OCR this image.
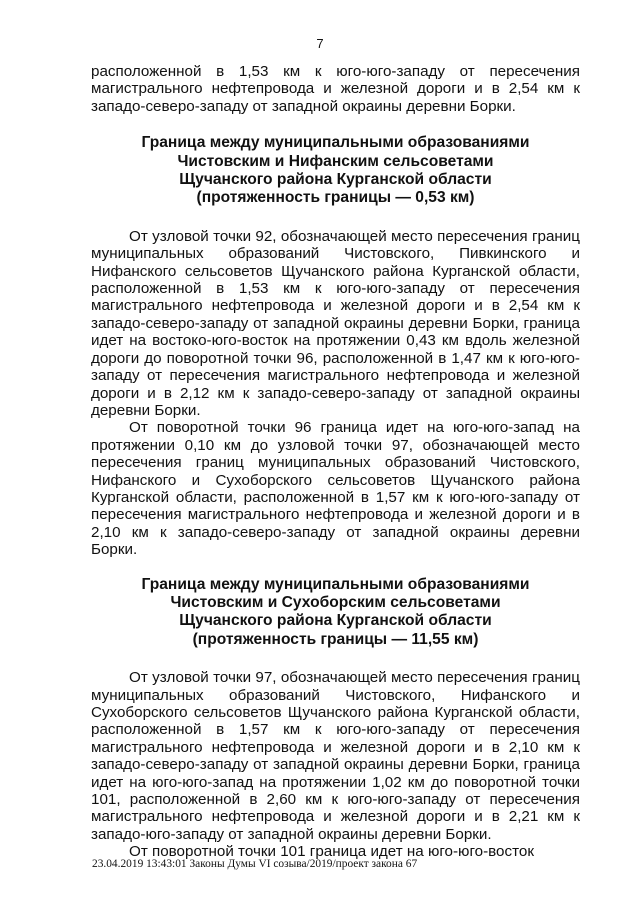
7

расположенной в 1,53 км к юго-юго-западу от пересечения магистрального нефтепровода и железной дороги и в 2,54 км к западо-северо-западу от западной окраины деревни Борки.

Граница между муниципальными образованиями
Чистовским и Нифанским сельсоветами
Щучанского района Курганской области
(протяженность границы — 0,53 км)

От узловой точки 92, обозначающей место пересечения границ муниципальных образований Чистовского, Пивкинского и Нифанского сельсоветов Щучанского района Курганской области, расположенной в 1,53 км к юго-юго-западу от пересечения магистрального нефтепровода и железной дороги и в 2,54 км к западо-северо-западу от западной окраины деревни Борки, граница идет на востоко-юго-восток на протяжении 0,43 км вдоль железной дороги до поворотной точки 96, расположенной в 1,47 км к юго-юго-западу от пересечения магистрального нефтепровода и железной дороги и в 2,12 км к западо-северо-западу от западной окраины деревни Борки.

От поворотной точки 96 граница идет на юго-юго-запад на протяжении 0,10 км до узловой точки 97, обозначающей место пересечения границ муниципальных образований Чистовского, Нифанского и Сухоборского сельсоветов Щучанского района Курганской области, расположенной в 1,57 км к юго-юго-западу от пересечения магистрального нефтепровода и железной дороги и в 2,10 км к западо-северо-западу от западной окраины деревни Борки.

Граница между муниципальными образованиями
Чистовским и Сухоборским сельсоветами
Щучанского района Курганской области
(протяженность границы — 11,55 км)

От узловой точки 97, обозначающей место пересечения границ муниципальных образований Чистовского, Нифанского и Сухоборского сельсоветов Щучанского района Курганской области, расположенной в 1,57 км к юго-юго-западу от пересечения магистрального нефтепровода и железной дороги и в 2,10 км к западо-северо-западу от западной окраины деревни Борки, граница идет на юго-юго-запад на протяжении 1,02 км до поворотной точки 101, расположенной в 2,60 км к юго-юго-западу от пересечения магистрального нефтепровода и железной дороги и в 2,21 км к западо-юго-западу от западной окраины деревни Борки.

От поворотной точки 101 граница идет на юго-юго-восток

23.04.2019 13:43:01 Законы Думы VI созыва/2019/проект закона 67
